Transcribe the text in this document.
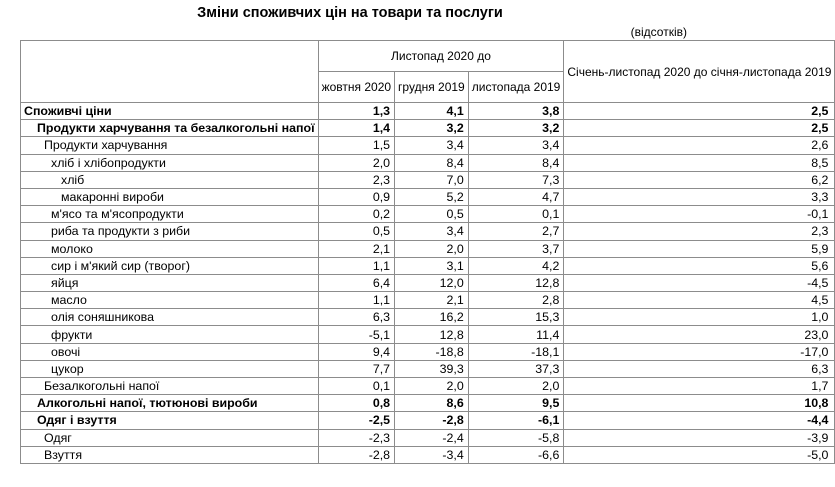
Зміни споживчих цін на товари та послуги
(відсотків)
	Листопад 2020 до			Січень-листопад 2020 до січня-листопада 2019
	жовтня 2020	грудня 2019	листопада 2019	
Споживчі ціни	1,3	4,1	3,8	2,5
Продукти харчування та безалкогольні напої	1,4	3,2	3,2	2,5
Продукти харчування	1,5	3,4	3,4	2,6
хліб і хлібопродукти	2,0	8,4	8,4	8,5
хліб	2,3	7,0	7,3	6,2
макаронні вироби	0,9	5,2	4,7	3,3
м'ясо та м'ясопродукти	0,2	0,5	0,1	-0,1
риба та продукти з риби	0,5	3,4	2,7	2,3
молоко	2,1	2,0	3,7	5,9
сир і м'який сир (творог)	1,1	3,1	4,2	5,6
яйця	6,4	12,0	12,8	-4,5
масло	1,1	2,1	2,8	4,5
олія соняшникова	6,3	16,2	15,3	1,0
фрукти	-5,1	12,8	11,4	23,0
овочі	9,4	-18,8	-18,1	-17,0
цукор	7,7	39,3	37,3	6,3
Безалкогольні напої	0,1	2,0	2,0	1,7
Алкогольні напої, тютюнові вироби	0,8	8,6	9,5	10,8
Одяг і взуття	-2,5	-2,8	-6,1	-4,4
Одяг	-2,3	-2,4	-5,8	-3,9
Взуття	-2,8	-3,4	-6,6	-5,0
